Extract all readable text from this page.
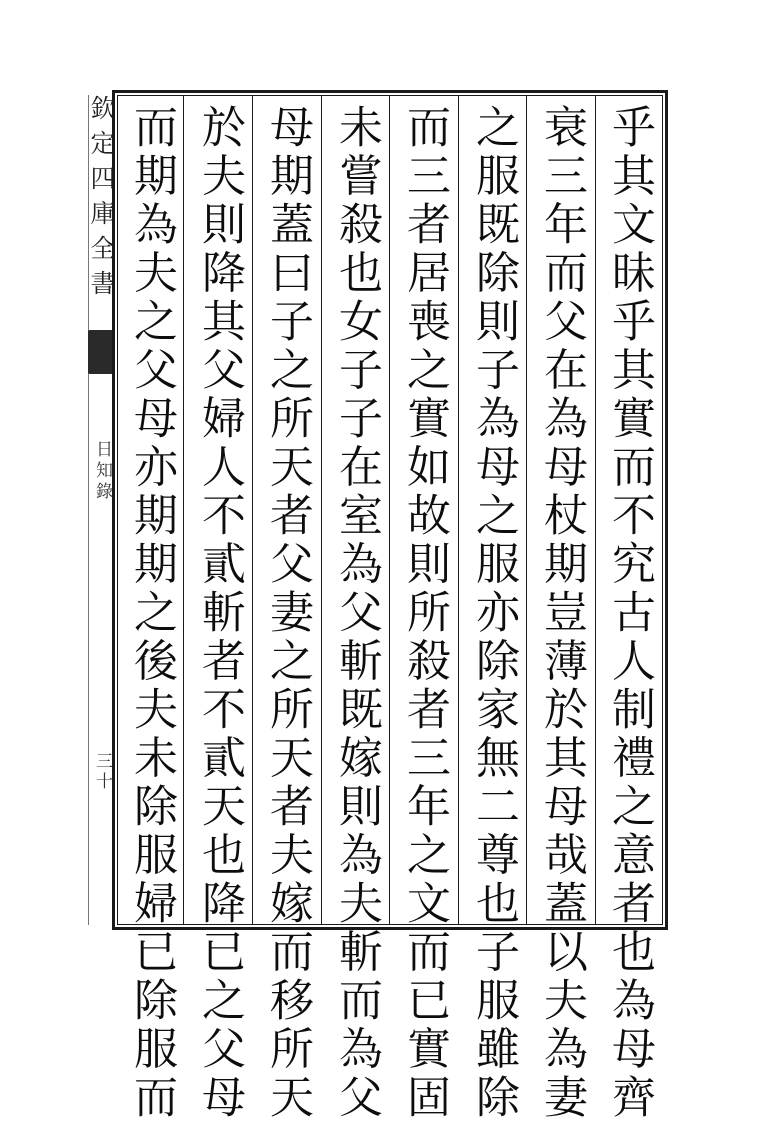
欽定四庫全書
日知錄
三十	乎其文昧乎其實而不究古人制禮之意者也為母齊
衰三年而父在為母杖期豈薄於其母哉蓋以夫為妻
之服既除則子為母之服亦除家無二尊也子服雖除
而三者居喪之實如故則所殺者三年之文而已實固
未嘗殺也女子子在室為父斬既嫁則為夫斬而為父
母期蓋曰子之所天者父妻之所天者夫嫁而移所天
於夫則降其父婦人不貳斬者不貳天也降已之父母
而期為夫之父母亦期期之後夫未除服婦已除服而
